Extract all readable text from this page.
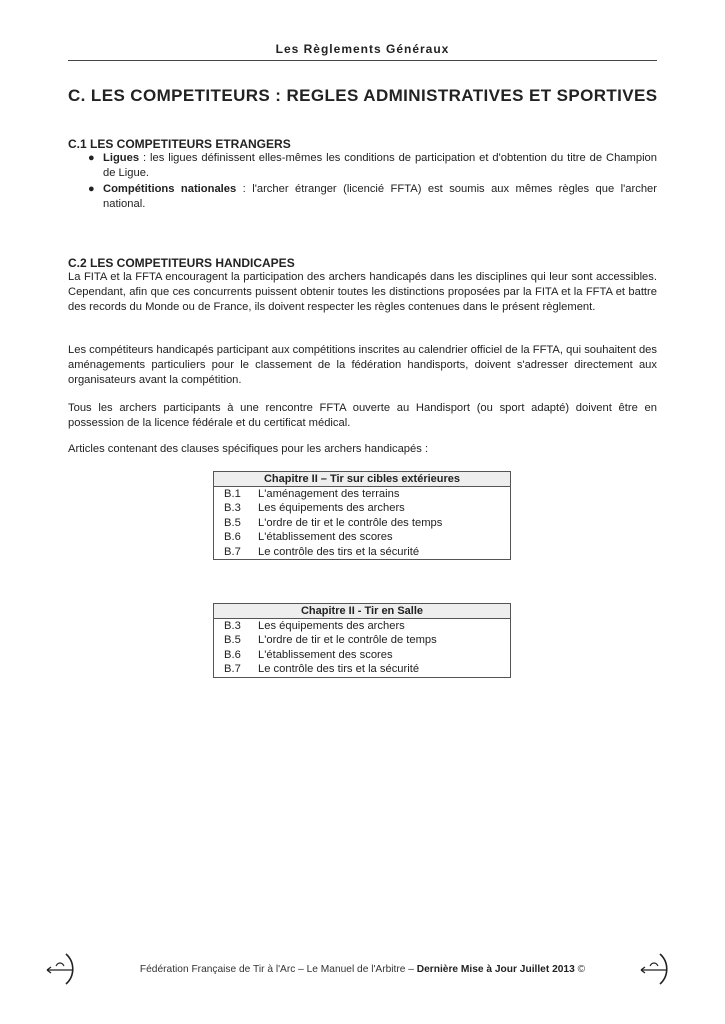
Les Règlements Généraux
C. LES COMPETITEURS : REGLES ADMINISTRATIVES ET SPORTIVES
C.1 LES COMPETITEURS ETRANGERS
● Ligues : les ligues définissent elles-mêmes les conditions de participation et d'obtention du titre de Champion de Ligue.
● Compétitions nationales : l'archer étranger (licencié FFTA) est soumis aux mêmes règles que l'archer national.
C.2 LES COMPETITEURS HANDICAPES

La FITA et la FFTA encouragent la participation des archers handicapés dans les disciplines qui leur sont accessibles. Cependant, afin que ces concurrents puissent obtenir toutes les distinctions proposées par la FITA et la FFTA et battre des records du Monde ou de France, ils doivent respecter les règles contenues dans le présent règlement.

Les compétiteurs handicapés participant aux compétitions inscrites au calendrier officiel de la FFTA, qui souhaitent des aménagements particuliers pour le classement de la fédération handisports, doivent s'adresser directement aux organisateurs avant la compétition.

Tous les archers participants à une rencontre FFTA ouverte au Handisport (ou sport adapté) doivent être en possession de la licence fédérale et du certificat médical.

Articles contenant des clauses spécifiques pour les archers handicapés :

Chapitre II – Tir sur cibles extérieures	
B.1	L'aménagement des terrains
B.3	Les équipements des archers
B.5	L'ordre de tir et le contrôle des temps
B.6	L'établissement des scores
B.7	Le contrôle des tirs et la sécurité
Chapitre II - Tir en Salle	
B.3	Les équipements des archers
B.5	L'ordre de tir et le contrôle de temps
B.6	L'établissement des scores
B.7	Le contrôle des tirs et la sécurité
Fédération Française de Tir à l'Arc – Le Manuel de l'Arbitre – Dernière Mise à Jour Juillet 2013 ©
